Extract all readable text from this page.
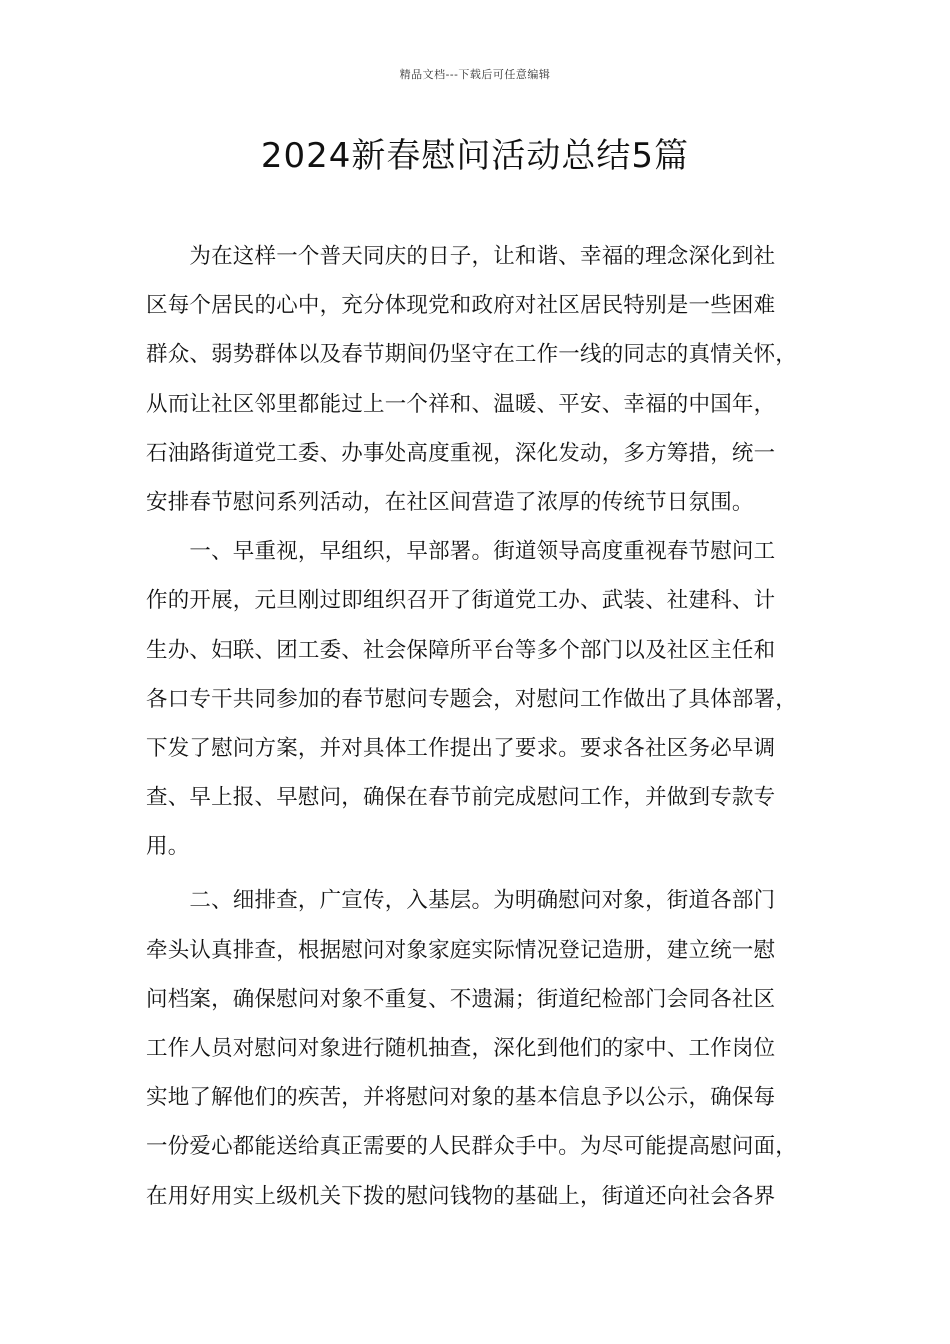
精品文档---下载后可任意编辑
2024新春慰问活动总结5篇
　　为在这样一个普天同庆的日子，让和谐、幸福的理念深化到社
区每个居民的心中，充分体现党和政府对社区居民特别是一些困难
群众、弱势群体以及春节期间仍坚守在工作一线的同志的真情关怀，
从而让社区邻里都能过上一个祥和、温暖、平安、幸福的中国年，
石油路街道党工委、办事处高度重视，深化发动，多方筹措，统一
安排春节慰问系列活动，在社区间营造了浓厚的传统节日氛围。
　　一、早重视，早组织，早部署。街道领导高度重视春节慰问工
作的开展，元旦刚过即组织召开了街道党工办、武装、社建科、计
生办、妇联、团工委、社会保障所平台等多个部门以及社区主任和
各口专干共同参加的春节慰问专题会，对慰问工作做出了具体部署，
下发了慰问方案，并对具体工作提出了要求。要求各社区务必早调
查、早上报、早慰问，确保在春节前完成慰问工作，并做到专款专
用。
　　二、细排查，广宣传，入基层。为明确慰问对象，街道各部门
牵头认真排查，根据慰问对象家庭实际情况登记造册，建立统一慰
问档案，确保慰问对象不重复、不遗漏；街道纪检部门会同各社区
工作人员对慰问对象进行随机抽查，深化到他们的家中、工作岗位
实地了解他们的疾苦，并将慰问对象的基本信息予以公示，确保每
一份爱心都能送给真正需要的人民群众手中。为尽可能提高慰问面，
在用好用实上级机关下拨的慰问钱物的基础上，街道还向社会各界
